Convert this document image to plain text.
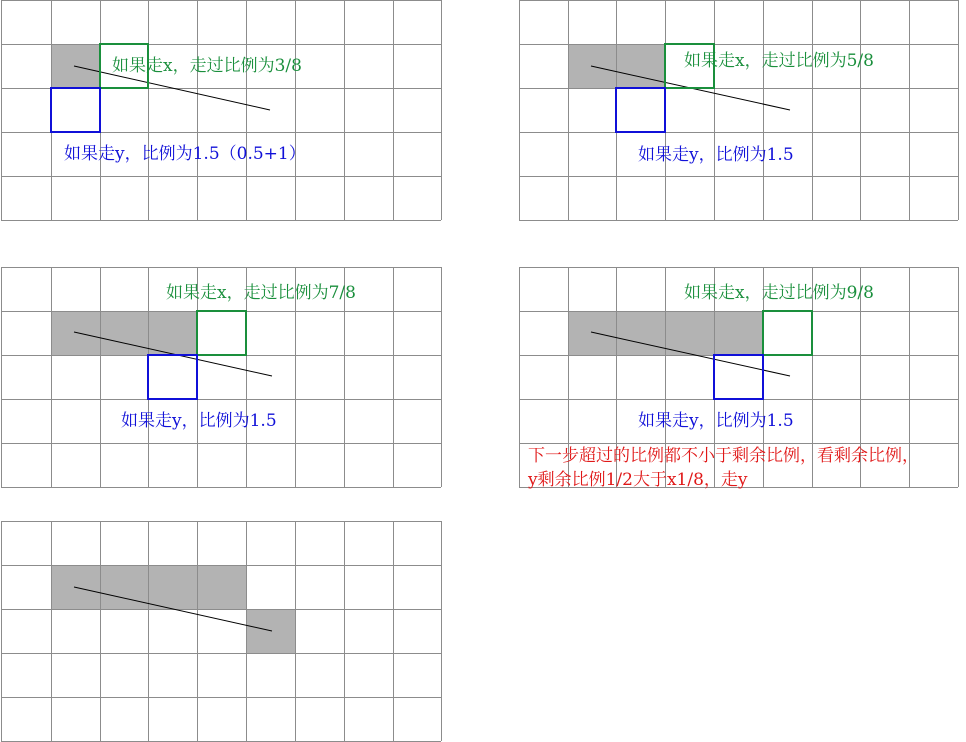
如果走x，走过比例为3/8
如果走y，比例为1.5（0.5+1）
如果走x，走过比例为5/8
如果走y，比例为1.5
如果走x，走过比例为7/8
如果走y，比例为1.5
如果走x，走过比例为9/8
如果走y，比例为1.5
下一步超过的比例都不小于剩余比例，看剩余比例，
y剩余比例1/2大于x1/8，走y
